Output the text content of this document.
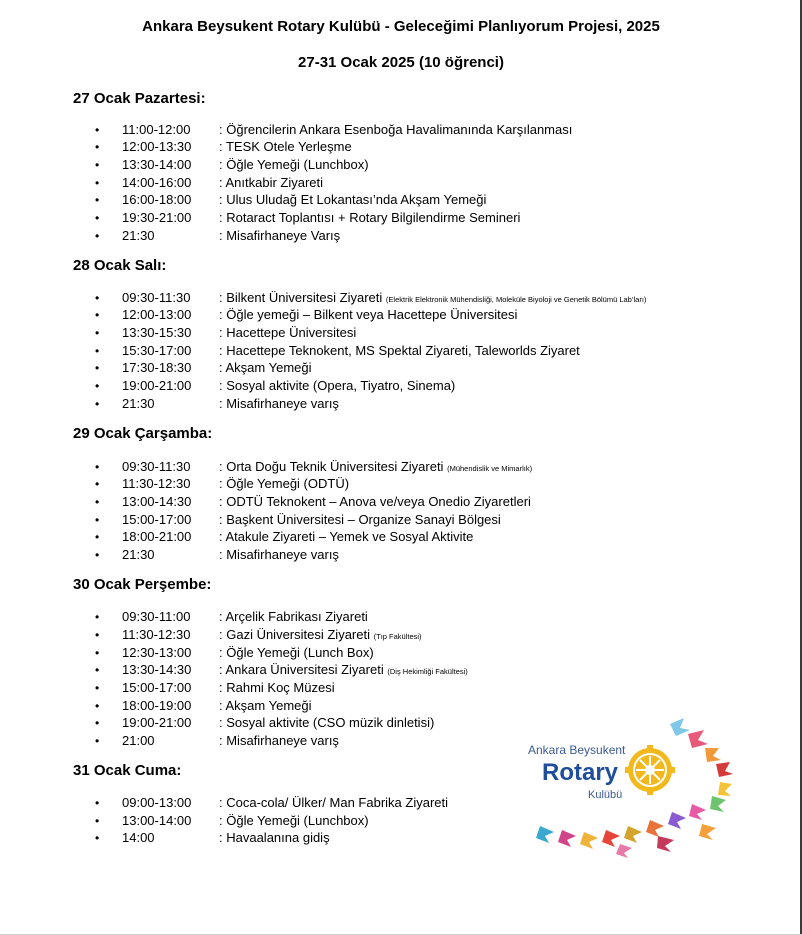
Ankara Beysukent Rotary Kulübü - Geleceğimi Planlıyorum Projesi, 2025
27-31 Ocak 2025 (10 öğrenci)
27 Ocak Pazartesi:
• 11:00-12:00 : Öğrencilerin Ankara Esenboğa Havalimanında Karşılanması
• 12:00-13:30 : TESK Otele Yerleşme
• 13:30-14:00 : Öğle Yemeği (Lunchbox)
• 14:00-16:00 : Anıtkabir Ziyareti
• 16:00-18:00 : Ulus Uludağ Et Lokantası’nda Akşam Yemeği
• 19:30-21:00 : Rotaract Toplantısı + Rotary Bilgilendirme Semineri
• 21:30	: Misafirhaneye Varış
28 Ocak Salı:
• 09:30-11:30 : Bilkent Üniversitesi Ziyareti (Elektrik Elektronik Mühendisliği, Moleküle Biyoloji ve Genetik Bölümü Lab’ları)
• 12:00-13:00 : Öğle yemeği – Bilkent veya Hacettepe Üniversitesi
• 13:30-15:30 : Hacettepe Üniversitesi
• 15:30-17:00 : Hacettepe Teknokent, MS Spektal Ziyareti, Taleworlds Ziyaret
• 17:30-18:30 : Akşam Yemeği
• 19:00-21:00 : Sosyal aktivite (Opera, Tiyatro, Sinema)
• 21:30	: Misafirhaneye varış
29 Ocak Çarşamba:
• 09:30-11:30 : Orta Doğu Teknik Üniversitesi Ziyareti (Mühendislik ve Mimarlık)
• 11:30-12:30 : Öğle Yemeği (ODTÜ)
• 13:00-14:30 : ODTÜ Teknokent – Anova ve/veya Onedio Ziyaretleri
• 15:00-17:00 : Başkent Üniversitesi – Organize Sanayi Bölgesi
• 18:00-21:00 : Atakule Ziyareti – Yemek ve Sosyal Aktivite
• 21:30	: Misafirhaneye varış
30 Ocak Perşembe:
• 09:30-11:00 : Arçelik Fabrikası Ziyareti
• 11:30-12:30 : Gazi Üniversitesi Ziyareti (Tıp Fakültesi)
• 12:30-13:00 : Öğle Yemeği (Lunch Box)
• 13:30-14:30 : Ankara Üniversitesi Ziyareti (Diş Hekimliği Fakültesi)
• 15:00-17:00 : Rahmi Koç Müzesi
• 18:00-19:00 : Akşam Yemeği
• 19:00-21:00 : Sosyal aktivite (CSO müzik dinletisi)
• 21:00	: Misafirhaneye varış
31 Ocak Cuma:
• 09:00-13:00 : Coca-cola/ Ülker/ Man Fabrika Ziyareti
• 13:00-14:00 : Öğle Yemeği (Lunchbox)
• 14:00	: Havaalanına gidiş
Ankara Beysukent
Rotary
Kulübü
